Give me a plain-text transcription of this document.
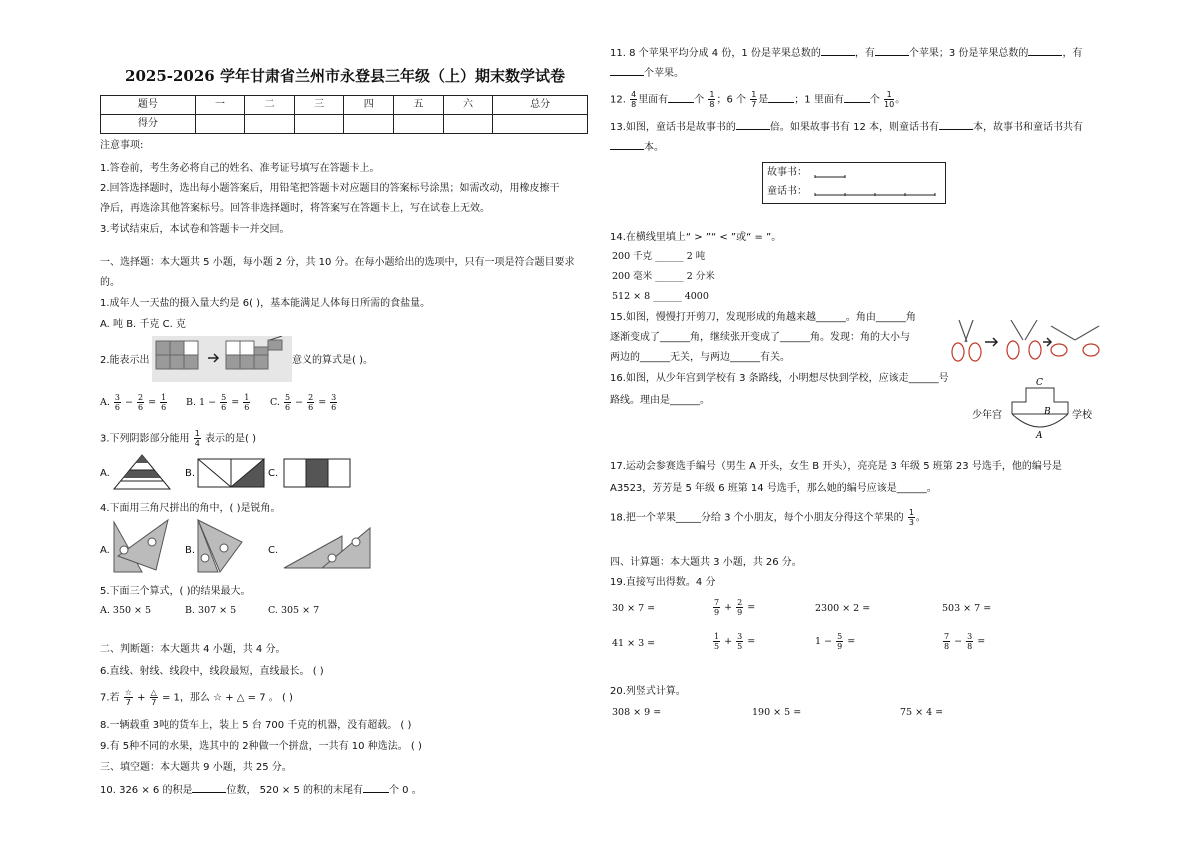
2025-2026 学年甘肃省兰州市永登县三年级（上）期末数学试卷
题号	一	二	三	四	五	六	总分
得分							
注意事项:
1.答卷前，考生务必将自己的姓名、准考证号填写在答题卡上。
2.回答选择题时，选出每小题答案后，用铅笔把答题卡对应题目的答案标号涂黑；如需改动，用橡皮擦干
净后，再选涂其他答案标号。回答非选择题时，将答案写在答题卡上，写在试卷上无效。
3.考试结束后，本试卷和答题卡一并交回。
一、选择题：本大题共 5 小题，每小题 2 分，共 10 分。在每小题给出的选项中，只有一项是符合题目要求
的。
1.成年人一天盐的摄入量大约是 6( )，基本能满足人体每日所需的食盐量。
A. 吨 B. 千克 C. 克
2.能表示出	意义的算式是( )。
A. $\frac{3}{6} - \frac{2}{6} = \frac{1}{6} B$. $1 - \frac{5}{6} = \frac{1}{6} C$. $\frac{5}{6} - \frac{2}{6} = \frac{3}{6}$
3.下列阴影部分能用 $\frac{1}{4}$ 表示的是( )
A.	B.	C.
4.下面用三角尺拼出的角中，( )是锐角。
A.	B.	C.
5.下面三个算式，( )的结果最大。
A. 350 × 5	B. 307 × 5	C. 305 × 7
二、判断题：本大题共 4 小题，共 4 分。
6.直线、射线、线段中，线段最短，直线最长。 ( )
7.若 $\frac{☆}{7} + \frac{\triangle}{7} = 1$，那么 ☆ + △ = 7 。 ( )
8.一辆载重 3吨的货车上，装上 5 台 700 千克的机器，没有超载。 ( )
9.有 5种不同的水果，选其中的 2种做一个拼盘，一共有 10 种选法。 ( )
三、填空题：本大题共 9 小题，共 25 分。
10. 326 × 6 的积是	位数， 520 × 5 的积的末尾有	个 0 。
11. 8 个苹果平均分成 4 份，1 份是苹果总数的	，有	个苹果；3 份是苹果总数的	，有
个苹果。
12. $\frac{4}{8}$ 里面有	个 $\frac{1}{8}$ ；6 个 $\frac{1}{7}$ 是	；1 里面有	个 $\frac{1}{10}$ 。
13.如图，童话书是故事书的	倍。如果故事书有 12 本，则童话书有	本，故事书和童话书共有
本。
故事书：
童话书：
14.在横线里填上“ > ”“ < ”或“ = ”。
200 千克 ______ 2 吨
200 毫米 ______ 2 分米
512 × 8 ______ 4000
15.如图，慢慢打开剪刀，发现形成的角越来越______。角由______角
逐渐变成了______角，继续张开变成了______角。发现：角的大小与
两边的______无关，与两边______有关。
16.如图，从少年宫到学校有 3 条路线，小明想尽快到学校，应该走______号
路线。理由是______。
C
B
A
少年宫	学校
17.运动会参赛选手编号（男生 A 开头，女生 B 开头），亮亮是 3 年级 5 班第 23 号选手，他的编号是
A3523，芳芳是 5 年级 6 班第 14 号选手，那么她的编号应该是______。
18.把一个苹果_____分给 3 个小朋友，每个小朋友分得这个苹果的 $\frac{1}{3}$ 。
四、计算题：本大题共 3 小题，共 26 分。
19.直接写出得数。4 分
30 × 7 =	$\frac{7}{9} + \frac{2}{9}$ =	2300 × 2 =	503 × 7 =
41 × 3 =	$\frac{1}{5} + \frac{3}{5}$ =	$1 - \frac{5}{9}$ =	$\frac{7}{8} - \frac{3}{8}$ =
20.列竖式计算。
308 × 9 =	190 × 5 =	75 × 4 =
